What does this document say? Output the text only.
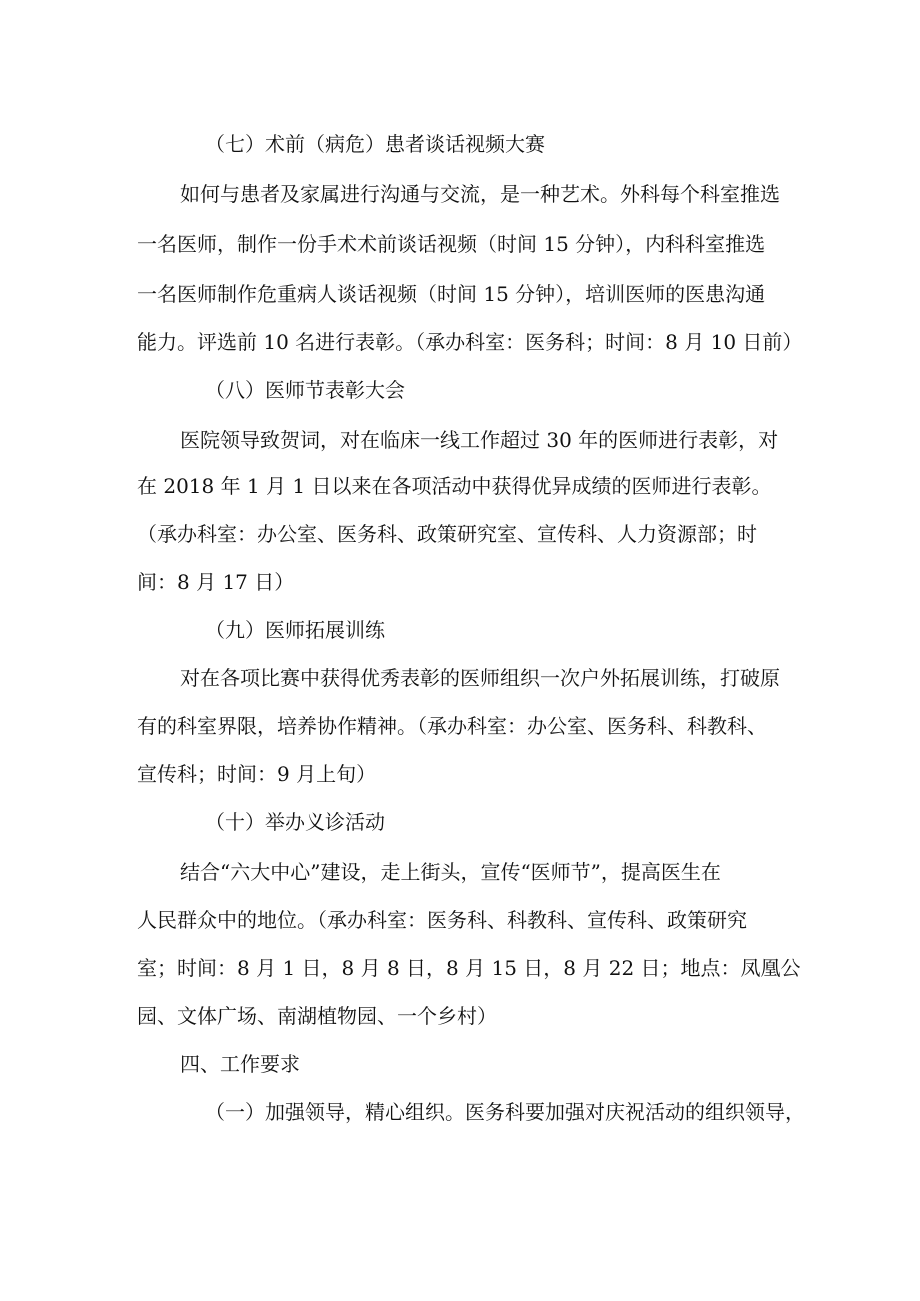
（七）术前（病危）患者谈话视频大赛
如何与患者及家属进行沟通与交流，是一种艺术。外科每个科室推选
一名医师，制作一份手术术前谈话视频（时间 15 分钟），内科科室推选
一名医师制作危重病人谈话视频（时间 15 分钟），培训医师的医患沟通
能力。评选前 10 名进行表彰。（承办科室：医务科；时间：8 月 10 日前）
（八）医师节表彰大会
医院领导致贺词，对在临床一线工作超过 30 年的医师进行表彰，对
在 2018 年 1 月 1 日以来在各项活动中获得优异成绩的医师进行表彰。
（承办科室：办公室、医务科、政策研究室、宣传科、人力资源部；时
间：8 月 17 日）
（九）医师拓展训练
对在各项比赛中获得优秀表彰的医师组织一次户外拓展训练，打破原
有的科室界限，培养协作精神。（承办科室：办公室、医务科、科教科、
宣传科；时间：9 月上旬）
（十）举办义诊活动
结合“六大中心”建设，走上街头，宣传“医师节”，提高医生在
人民群众中的地位。（承办科室：医务科、科教科、宣传科、政策研究
室；时间：8 月 1 日，8 月 8 日，8 月 15 日，8 月 22 日；地点：凤凰公
园、文体广场、南湖植物园、一个乡村）
四、工作要求
（一）加强领导，精心组织。医务科要加强对庆祝活动的组织领导，
